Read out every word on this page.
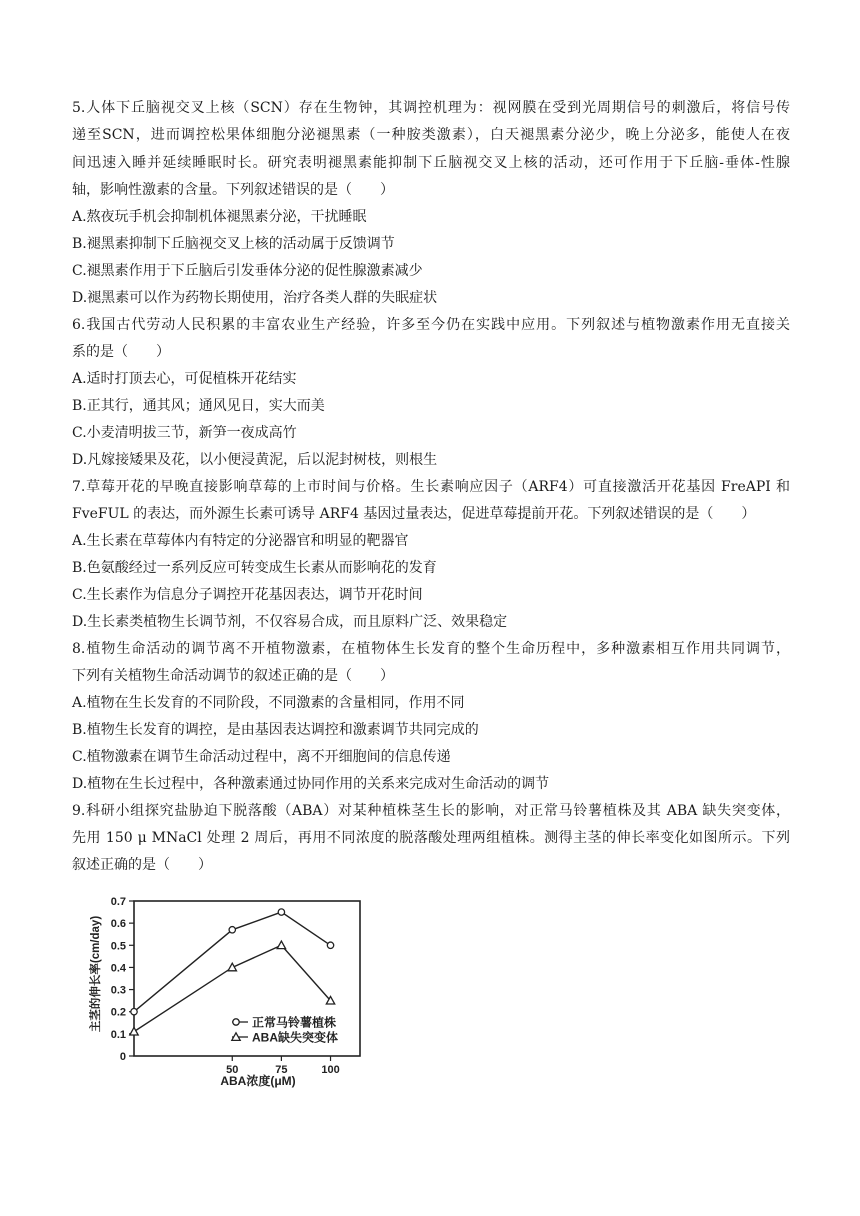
5.人体下丘脑视交叉上核（SCN）存在生物钟，其调控机理为：视网膜在受到光周期信号的刺激后，将信号传
递至SCN，进而调控松果体细胞分泌褪黑素（一种胺类激素），白天褪黑素分泌少，晚上分泌多，能使人在夜
间迅速入睡并延续睡眠时长。研究表明褪黑素能抑制下丘脑视交叉上核的活动，还可作用于下丘脑-垂体-性腺
轴，影响性激素的含量。下列叙述错误的是（　　）
A.熬夜玩手机会抑制机体褪黑素分泌，干扰睡眠
B.褪黑素抑制下丘脑视交叉上核的活动属于反馈调节
C.褪黑素作用于下丘脑后引发垂体分泌的促性腺激素减少
D.褪黑素可以作为药物长期使用，治疗各类人群的失眠症状
6.我国古代劳动人民积累的丰富农业生产经验，许多至今仍在实践中应用。下列叙述与植物激素作用无直接关
系的是（　　）
A.适时打顶去心，可促植株开花结实
B.正其行，通其风；通风见日，实大而美
C.小麦清明拔三节，新笋一夜成高竹
D.凡嫁接矮果及花，以小便浸黄泥，后以泥封树枝，则根生
7.草莓开花的早晚直接影响草莓的上市时间与价格。生长素响应因子（ARF4）可直接激活开花基因 FreAPI 和
FveFUL 的表达，而外源生长素可诱导 ARF4 基因过量表达，促进草莓提前开花。下列叙述错误的是（　　）
A.生长素在草莓体内有特定的分泌器官和明显的靶器官
B.色氨酸经过一系列反应可转变成生长素从而影响花的发育
C.生长素作为信息分子调控开花基因表达，调节开花时间
D.生长素类植物生长调节剂，不仅容易合成，而且原料广泛、效果稳定
8.植物生命活动的调节离不开植物激素，在植物体生长发育的整个生命历程中，多种激素相互作用共同调节，
下列有关植物生命活动调节的叙述正确的是（　　）
A.植物在生长发育的不同阶段，不同激素的含量相同，作用不同
B.植物生长发育的调控，是由基因表达调控和激素调节共同完成的
C.植物激素在调节生命活动过程中，离不开细胞间的信息传递
D.植物在生长过程中，各种激素通过协同作用的关系来完成对生命活动的调节
9.科研小组探究盐胁迫下脱落酸（ABA）对某种植株茎生长的影响，对正常马铃薯植株及其 ABA 缺失突变体，
先用 150 μ MNaCl 处理 2 周后，再用不同浓度的脱落酸处理两组植株。测得主茎的伸长率变化如图所示。下列
叙述正确的是（　　）
0
0.1
0.2
0.3
0.4
0.5
0.6
0.7
50	75	100
正常马铃薯植株
ABA缺失突变体
主茎的伸长率(cm/day)
ABA浓度(μM)
